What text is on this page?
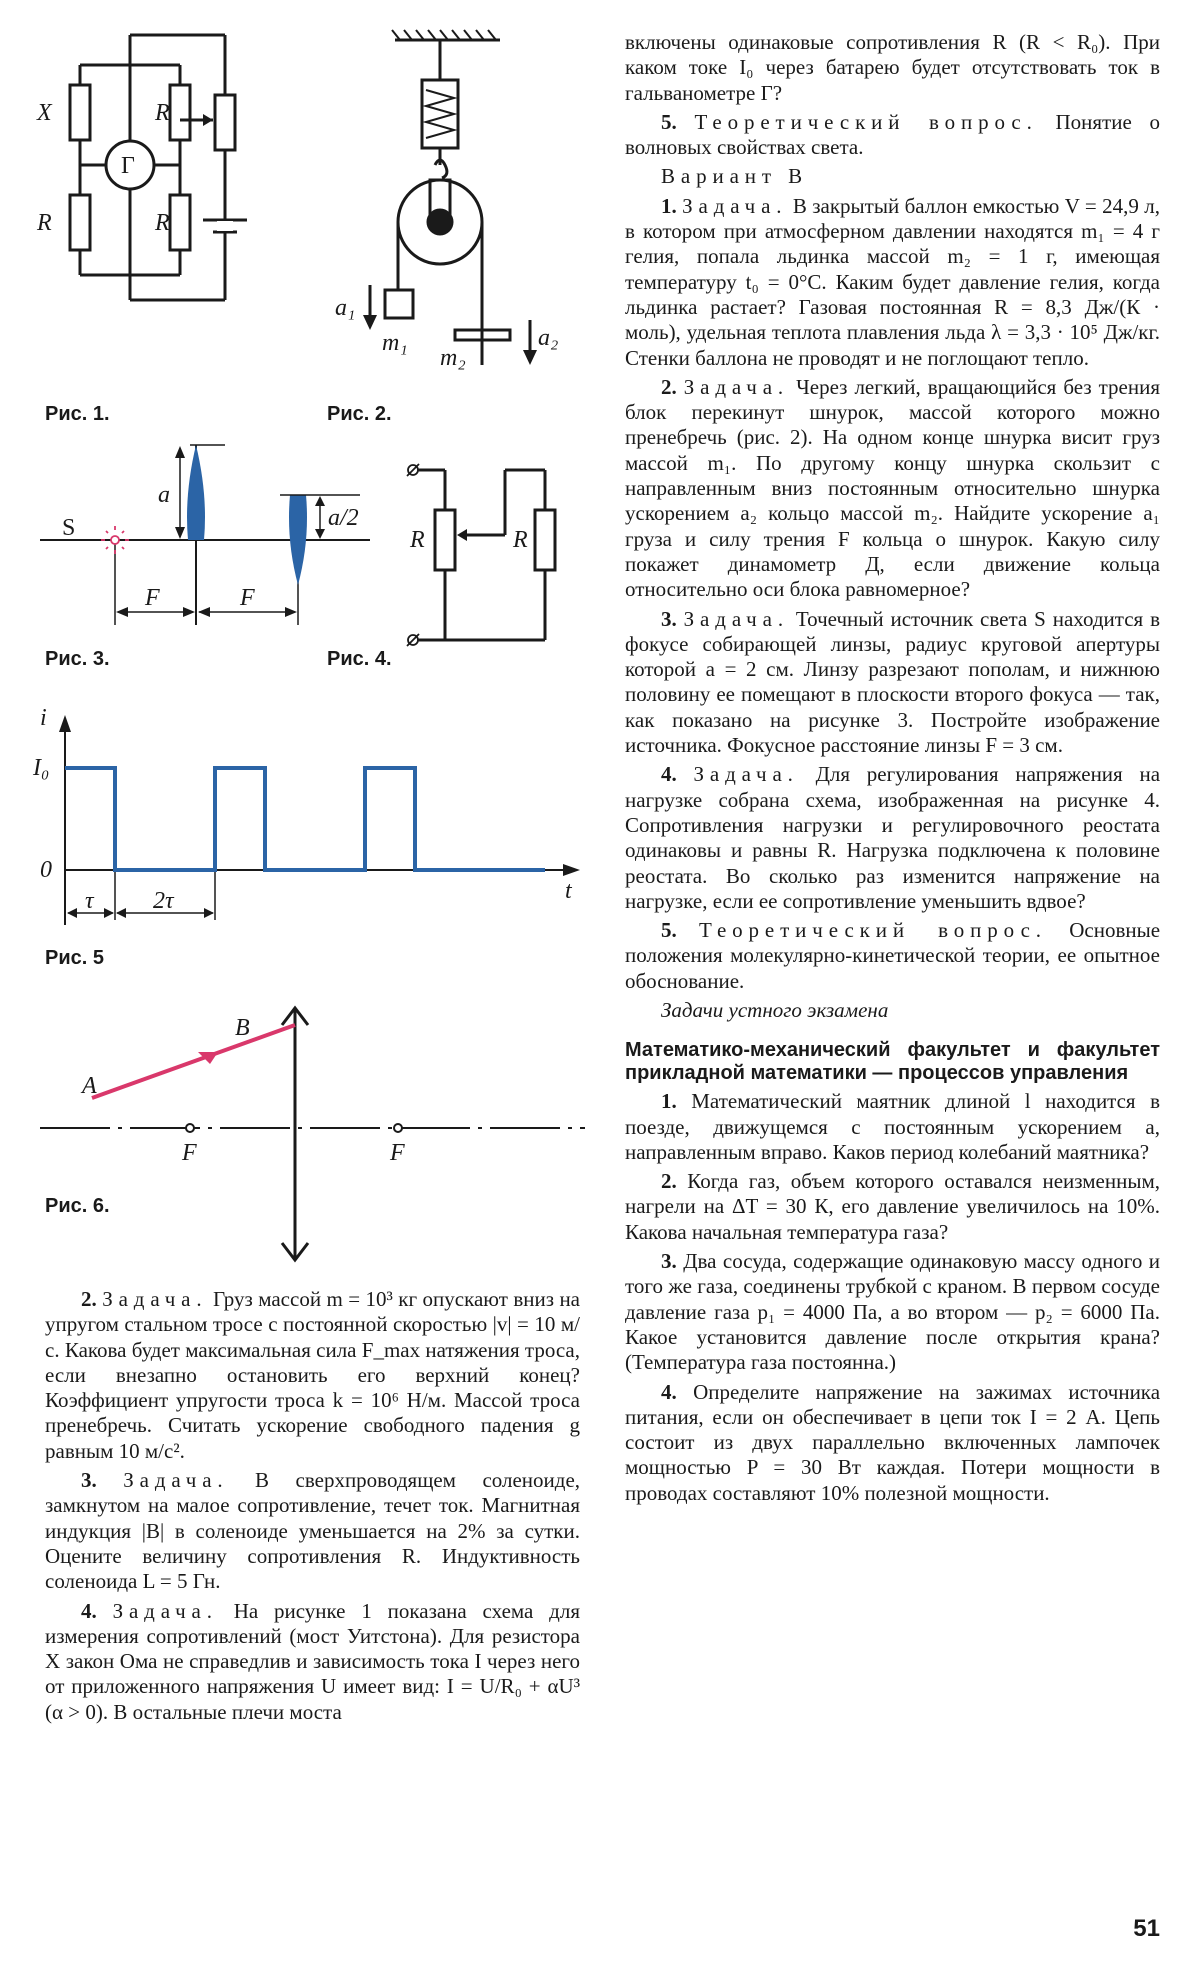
X	R
R	R
Г
Рис. 1.
a₁
m₁	a₂
m₂
Рис. 2.
S
a
a/2
F	F
Рис. 3.
R	R
Рис. 4.
i
I₀
0
t
τ 2τ
Рис. 5
A
B
F	F
Рис. 6.

2. Задача. Груз массой m = 10³ кг опускают вниз на упругом стальном тросе с постоянной скоростью |v| = 10 м/с. Какова будет максимальная сила F_max натяжения троса, если внезапно остановить его верхний конец? Коэффициент упругости троса k = 10⁶ Н/м. Массой троса пренебречь. Считать ускорение свободного падения g равным 10 м/с².

3. Задача. В сверхпроводящем соленоиде, замкнутом на малое сопротивление, течет ток. Магнитная индукция |B| в соленоиде уменьшается на 2% за сутки. Оцените величину сопротивления R. Индуктивность соленоида L = 5 Гн.

4. Задача. На рисунке 1 показана схема для измерения сопротивлений (мост Уитстона). Для резистора X закон Ома не справедлив и зависимость тока I через него от приложенного напряжения U имеет вид: I = U/R₀ + αU³ (α > 0). В остальные плечи моста

включены одинаковые сопротивления R (R < R₀). При каком токе I₀ через батарею будет отсутствовать ток в гальванометре Г?

5. Теоретический вопрос. Понятие о волновых свойствах света.

Вариант В

1. Задача. В закрытый баллон емкостью V = 24,9 л, в котором при атмосферном давлении находятся m₁ = 4 г гелия, попала льдинка массой m₂ = 1 г, имеющая температуру t₀ = 0°С. Каким будет давление гелия, когда льдинка растает? Газовая постоянная R = 8,3 Дж/(К · моль), удельная теплота плавления льда λ = 3,3 · 10⁵ Дж/кг. Стенки баллона не проводят и не поглощают тепло.

2. Задача. Через легкий, вращающийся без трения блок перекинут шнурок, массой которого можно пренебречь (рис. 2). На одном конце шнурка висит груз массой m₁. По другому концу шнурка скользит с направленным вниз постоянным относительно шнурка ускорением a₂ кольцо массой m₂. Найдите ускорение a₁ груза и силу трения F кольца о шнурок. Какую силу покажет динамометр Д, если движение кольца относительно оси блока равномерное?

3. Задача. Точечный источник света S находится в фокусе собирающей линзы, радиус круговой апертуры которой a = 2 см. Линзу разрезают пополам, и нижнюю половину ее помещают в плоскости второго фокуса — так, как показано на рисунке 3. Постройте изображение источника. Фокусное расстояние линзы F = 3 см.

4. Задача. Для регулирования напряжения на нагрузке собрана схема, изображенная на рисунке 4. Сопротивления нагрузки и регулировочного реостата одинаковы и равны R. Нагрузка подключена к половине реостата. Во сколько раз изменится напряжение на нагрузке, если ее сопротивление уменьшить вдвое?

5. Теоретический вопрос. Основные положения молекулярно-кинетической теории, ее опытное обоснование.

Задачи устного экзамена

Математико-механический факультет и факультет прикладной математики — процессов управления

1. Математический маятник длиной l находится в поезде, движущемся с постоянным ускорением a, направленным вправо. Каков период колебаний маятника?

2. Когда газ, объем которого оставался неизменным, нагрели на ΔT = 30 К, его давление увеличилось на 10%. Какова начальная температура газа?

3. Два сосуда, содержащие одинаковую массу одного и того же газа, соединены трубкой с краном. В первом сосуде давление газа p₁ = 4000 Па, а во втором — p₂ = 6000 Па. Какое установится давление после открытия крана? (Температура газа постоянна.)

4. Определите напряжение на зажимах источника питания, если он обеспечивает в цепи ток I = 2 А. Цепь состоит из двух параллельно включенных лампочек мощностью P = 30 Вт каждая. Потери мощности в проводах составляют 10% полезной мощности.

51
